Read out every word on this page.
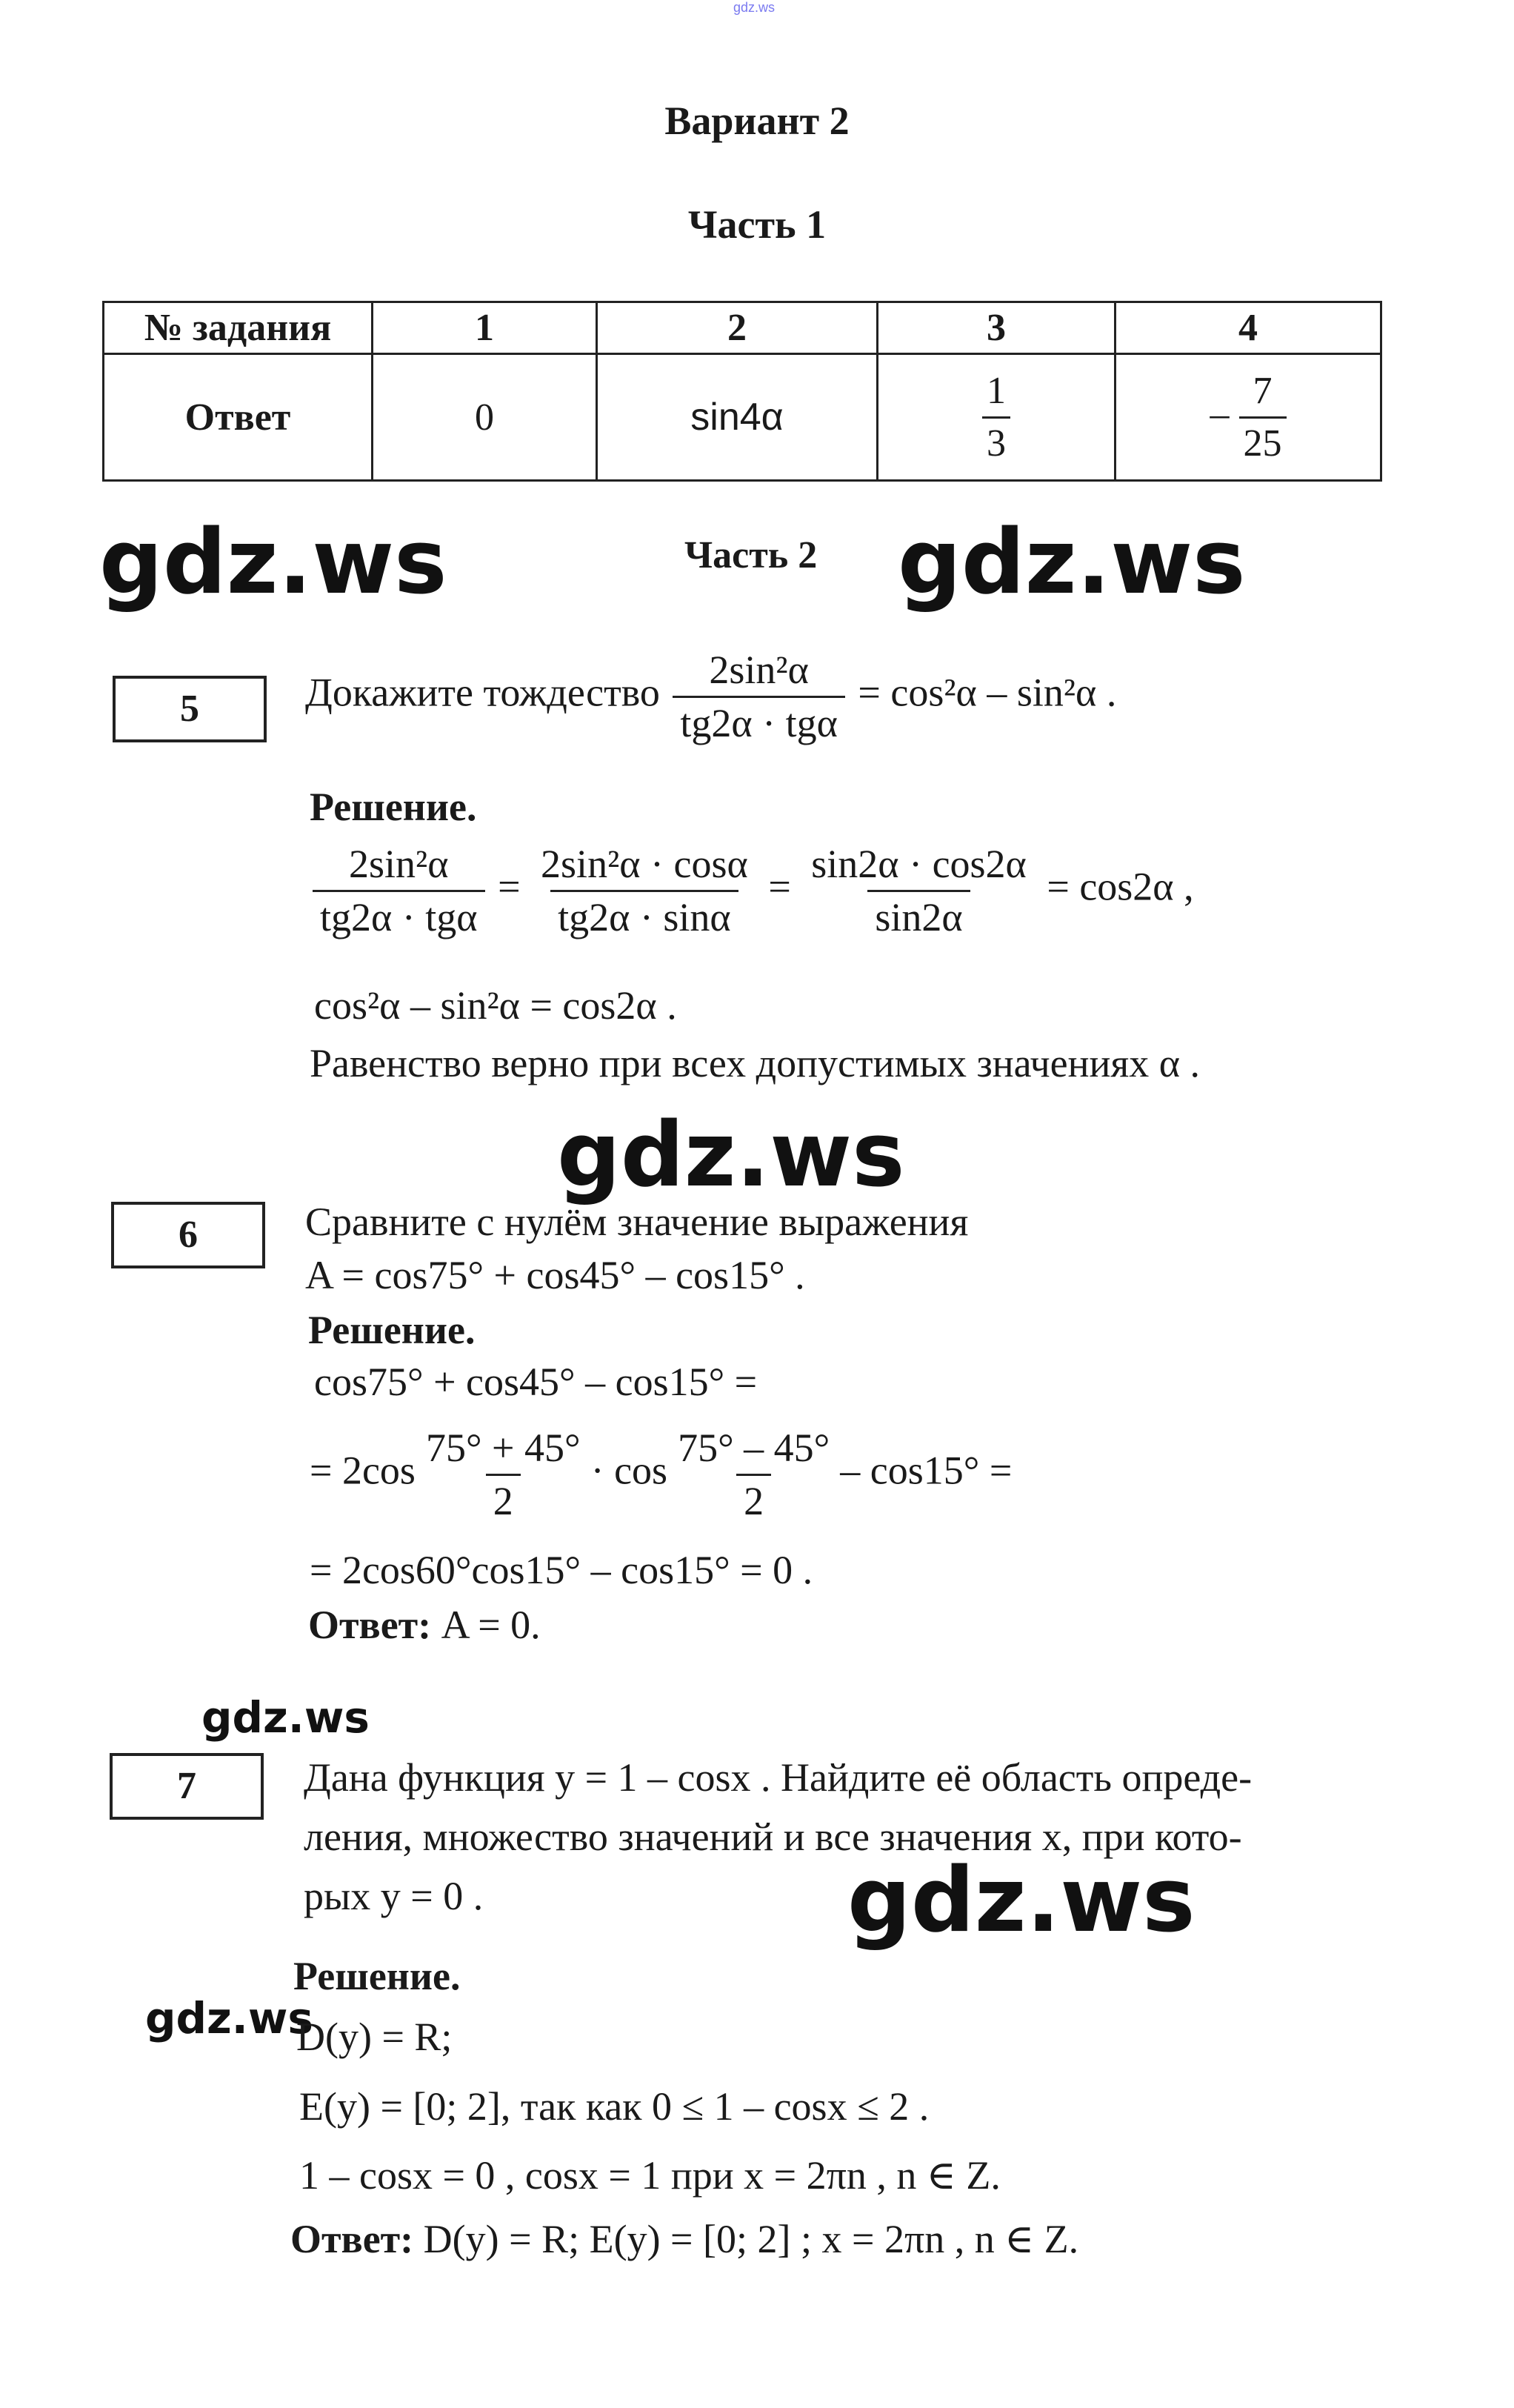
gdz.ws
Вариант 2
Часть 1
№ задания	1	2	3	4
Ответ	0	sin4α	$\frac{1}{3}$	– $\frac{7}{25}$
gdz.ws	Часть 2 gdz.ws
5	Докажите тождество
2sin²α
tg2α · tgα
= cos²α – sin²α .
Решение.
2sin²α
tg2α · tgα
= $\frac{\text{2sin²α · cosα}}{tg2\alpha \cdot \sin\alpha} = \frac{\sin 2\alpha \cdot \cos 2\alpha}{\sin 2\alpha} = \cos 2\alpha$ ,
cos²α – sin²α = cos2α .
Равенство верно при всех допустимых значениях α .
gdz.ws
6	Сравните с нулём значение выражения
A = cos75° + cos45° – cos15° .
Решение.
cos75° + cos45° – cos15° =
= $2\cos \frac{75^\circ + 45^\circ}{2} \cdot \cos \frac{75^\circ - 45^\circ}{2} - \cos 15^\circ$ =
= 2cos60°cos15° – cos15° = 0 .
Ответ: A = 0.
gdz.ws
7	Дана функция y = 1 – cosx . Найдите её область опреде-
ления, множество значений и все значения x, при кото-
рых y = 0 .	gdz.ws
Решение.
gdz.ws
D(y) = R;
E(y) = [0; 2], так как 0 ≤ 1 – cosx ≤ 2 .
1 – cosx = 0 , cosx = 1 при x = 2πn , n ∈ Z.
Ответ: D(y) = R; E(y) = [0; 2] ; x = 2πn , n ∈ Z.
